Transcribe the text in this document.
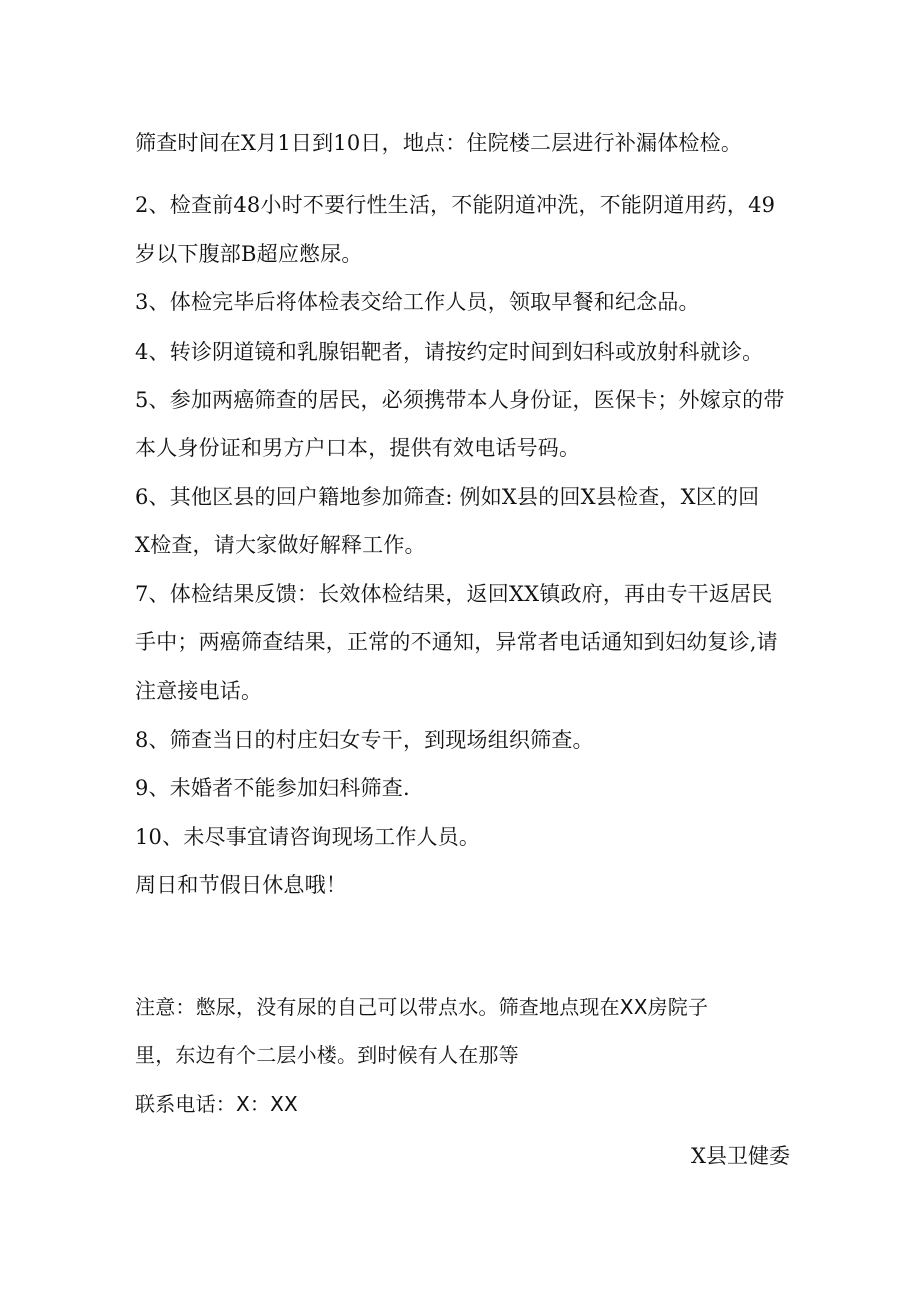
筛查时间在X月1日到10日，地点：住院楼二层进行补漏体检检。

2、检查前48小时不要行性生活，不能阴道冲洗，不能阴道用药，49

岁以下腹部B超应憋尿。

3、体检完毕后将体检表交给工作人员，领取早餐和纪念品。

4、转诊阴道镜和乳腺铝靶者，请按约定时间到妇科或放射科就诊。

5、参加两癌筛查的居民，必须携带本人身份证，医保卡；外嫁京的带

本人身份证和男方户口本，提供有效电话号码。

6、其他区县的回户籍地参加筛查: 例如X县的回X县检查，X区的回

X检查，请大家做好解释工作。

7、体检结果反馈：长效体检结果，返回XX镇政府，再由专干返居民

手中；两癌筛查结果，正常的不通知，异常者电话通知到妇幼复诊,请

注意接电话。

8、筛查当日的村庄妇女专干，到现场组织筛查。

9、未婚者不能参加妇科筛查.

10、未尽事宜请咨询现场工作人员。

周日和节假日休息哦！

注意：憋尿，没有尿的自己可以带点水。筛查地点现在XX房院子

里，东边有个二层小楼。到时候有人在那等

联系电话：X：XX

X县卫健委
